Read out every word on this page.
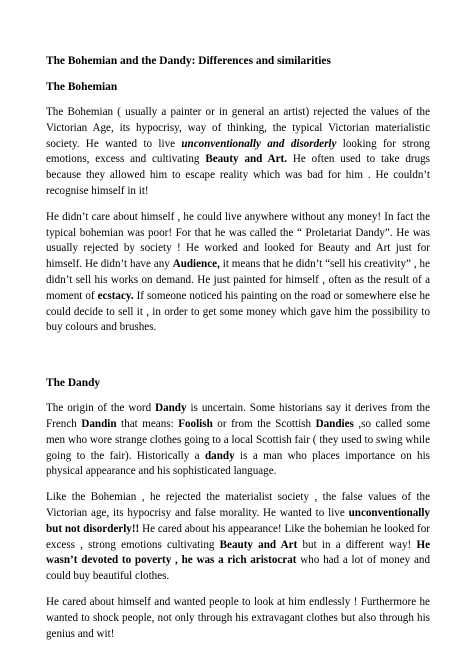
The Bohemian and the Dandy: Differences and similarities
The Bohemian

The Bohemian ( usually a painter or in general an artist) rejected the values of the Victorian Age, its hypocrisy, way of thinking, the typical Victorian materialistic society. He wanted to live unconventionally and disorderly looking for strong emotions, excess and cultivating Beauty and Art. He often used to take drugs because they allowed him to escape reality which was bad for him . He couldn’t recognise himself in it!

He didn’t care about himself , he could live anywhere without any money! In fact the typical bohemian was poor! For that he was called the “ Proletariat Dandy”. He was usually rejected by society ! He worked and looked for Beauty and Art just for himself. He didn’t have any Audience, it means that he didn’t “sell his creativity” , he didn’t sell his works on demand. He just painted for himself , often as the result of a moment of ecstacy. If someone noticed his painting on the road or somewhere else he could decide to sell it , in order to get some money which gave him the possibility to buy colours and brushes.

The Dandy

The origin of the word Dandy is uncertain. Some historians say it derives from the French Dandin that means: Foolish or from the Scottish Dandies ,so called some men who wore strange clothes going to a local Scottish fair ( they used to swing while going to the fair). Historically a dandy is a man who places importance on his physical appearance and his sophisticated language.

Like the Bohemian , he rejected the materialist society , the false values of the Victorian age, its hypocrisy and false morality. He wanted to live unconventionally but not disorderly!! He cared about his appearance! Like the bohemian he looked for excess , strong emotions cultivating Beauty and Art but in a different way! He wasn’t devoted to poverty , he was a rich aristocrat who had a lot of money and could buy beautiful clothes.

He cared about himself and wanted people to look at him endlessly ! Furthermore he wanted to shock people, not only through his extravagant clothes but also through his genius and wit!
